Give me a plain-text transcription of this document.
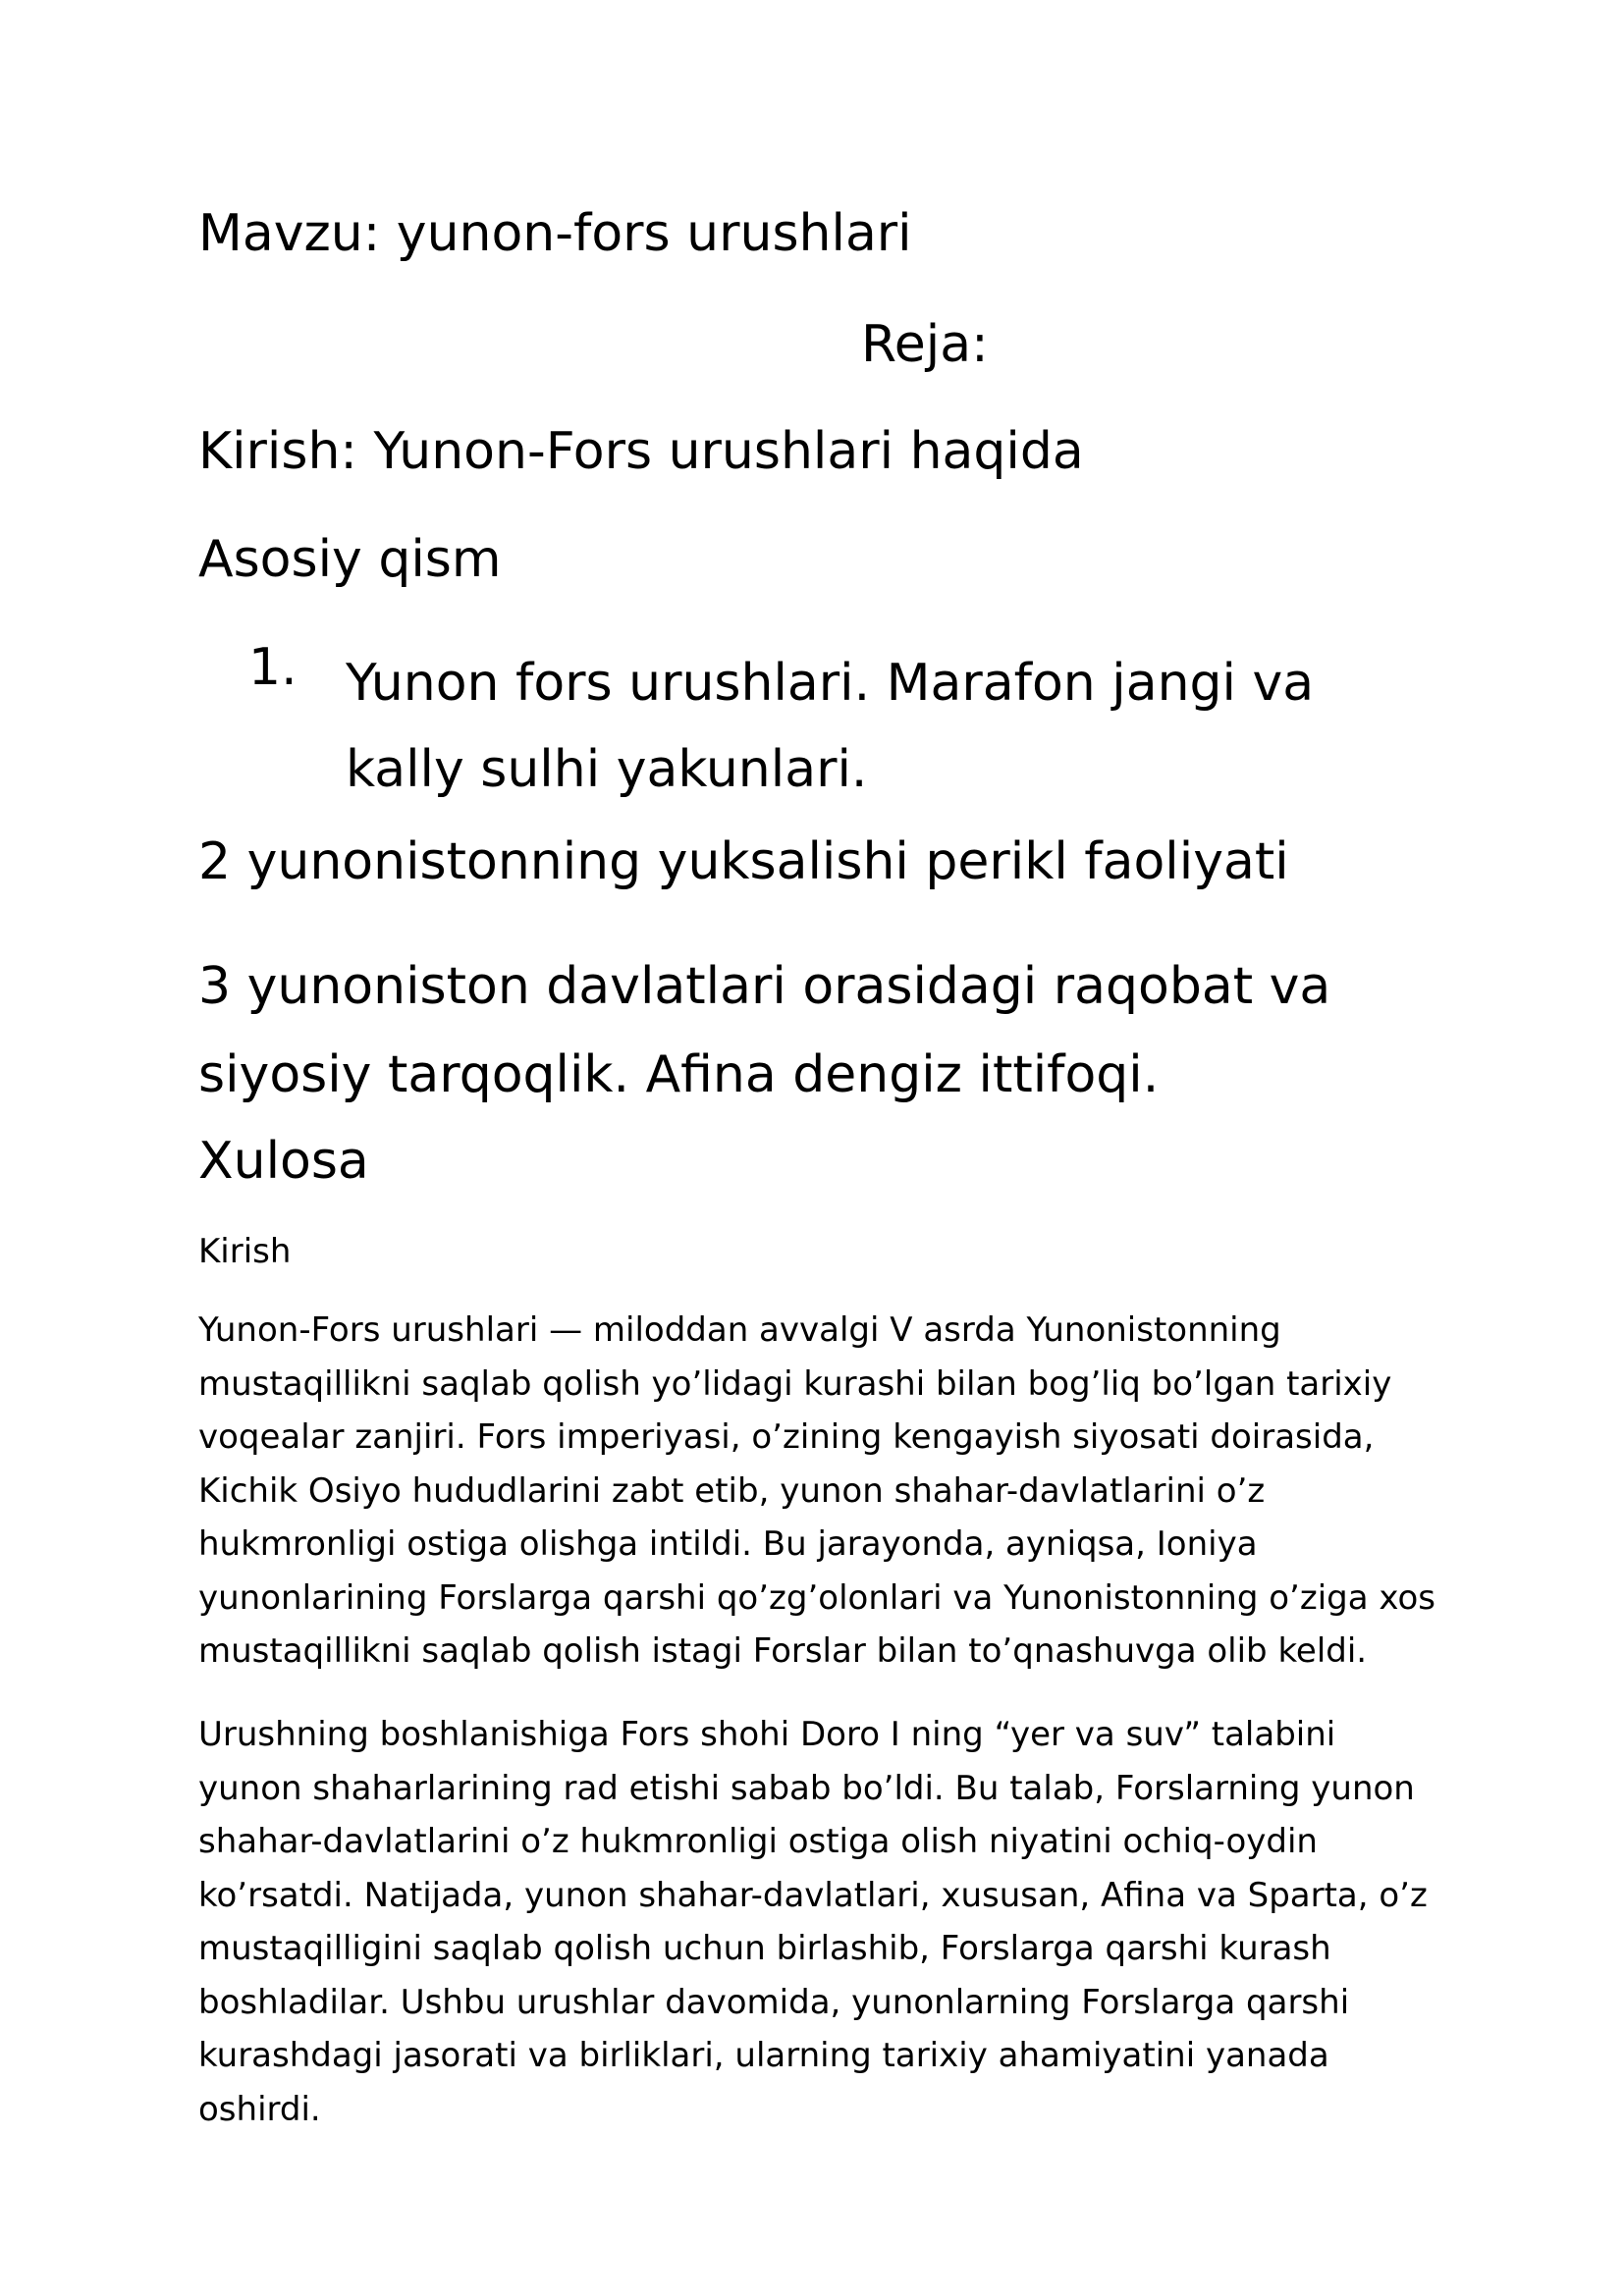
Mavzu: yunon-fors urushlari
Reja:

Kirish: Yunon-Fors urushlari haqida

Asosiy qism

1. Yunon fors urushlari. Marafon jangi va kally sulhi yakunlari.

2 yunonistonning yuksalishi perikl faoliyati

3 yunoniston davlatlari orasidagi raqobat va siyosiy tarqoqlik. Afina dengiz ittifoqi.

Xulosa

Kirish

Yunon-Fors urushlari — miloddan avvalgi V asrda Yunonistonning mustaqillikni saqlab qolish yo’lidagi kurashi bilan bog’liq bo’lgan tarixiy voqealar zanjiri. Fors imperiyasi, o’zining kengayish siyosati doirasida, Kichik Osiyo hududlarini zabt etib, yunon shahar-davlatlarini o’z hukmronligi ostiga olishga intildi. Bu jarayonda, ayniqsa, Ioniya yunonlarining Forslarga qarshi qo’zg’olonlari va Yunonistonning o’ziga xos mustaqillikni saqlab qolish istagi Forslar bilan to’qnashuvga olib keldi.

Urushning boshlanishiga Fors shohi Doro I ning “yer va suv” talabini yunon shaharlarining rad etishi sabab bo’ldi. Bu talab, Forslarning yunon shahar-davlatlarini o’z hukmronligi ostiga olish niyatini ochiq-oydin ko’rsatdi. Natijada, yunon shahar-davlatlari, xususan, Afina va Sparta, o’z mustaqilligini saqlab qolish uchun birlashib, Forslarga qarshi kurash boshladilar. Ushbu urushlar davomida, yunonlarning Forslarga qarshi kurashdagi jasorati va birliklari, ularning tarixiy ahamiyatini yanada oshirdi.
